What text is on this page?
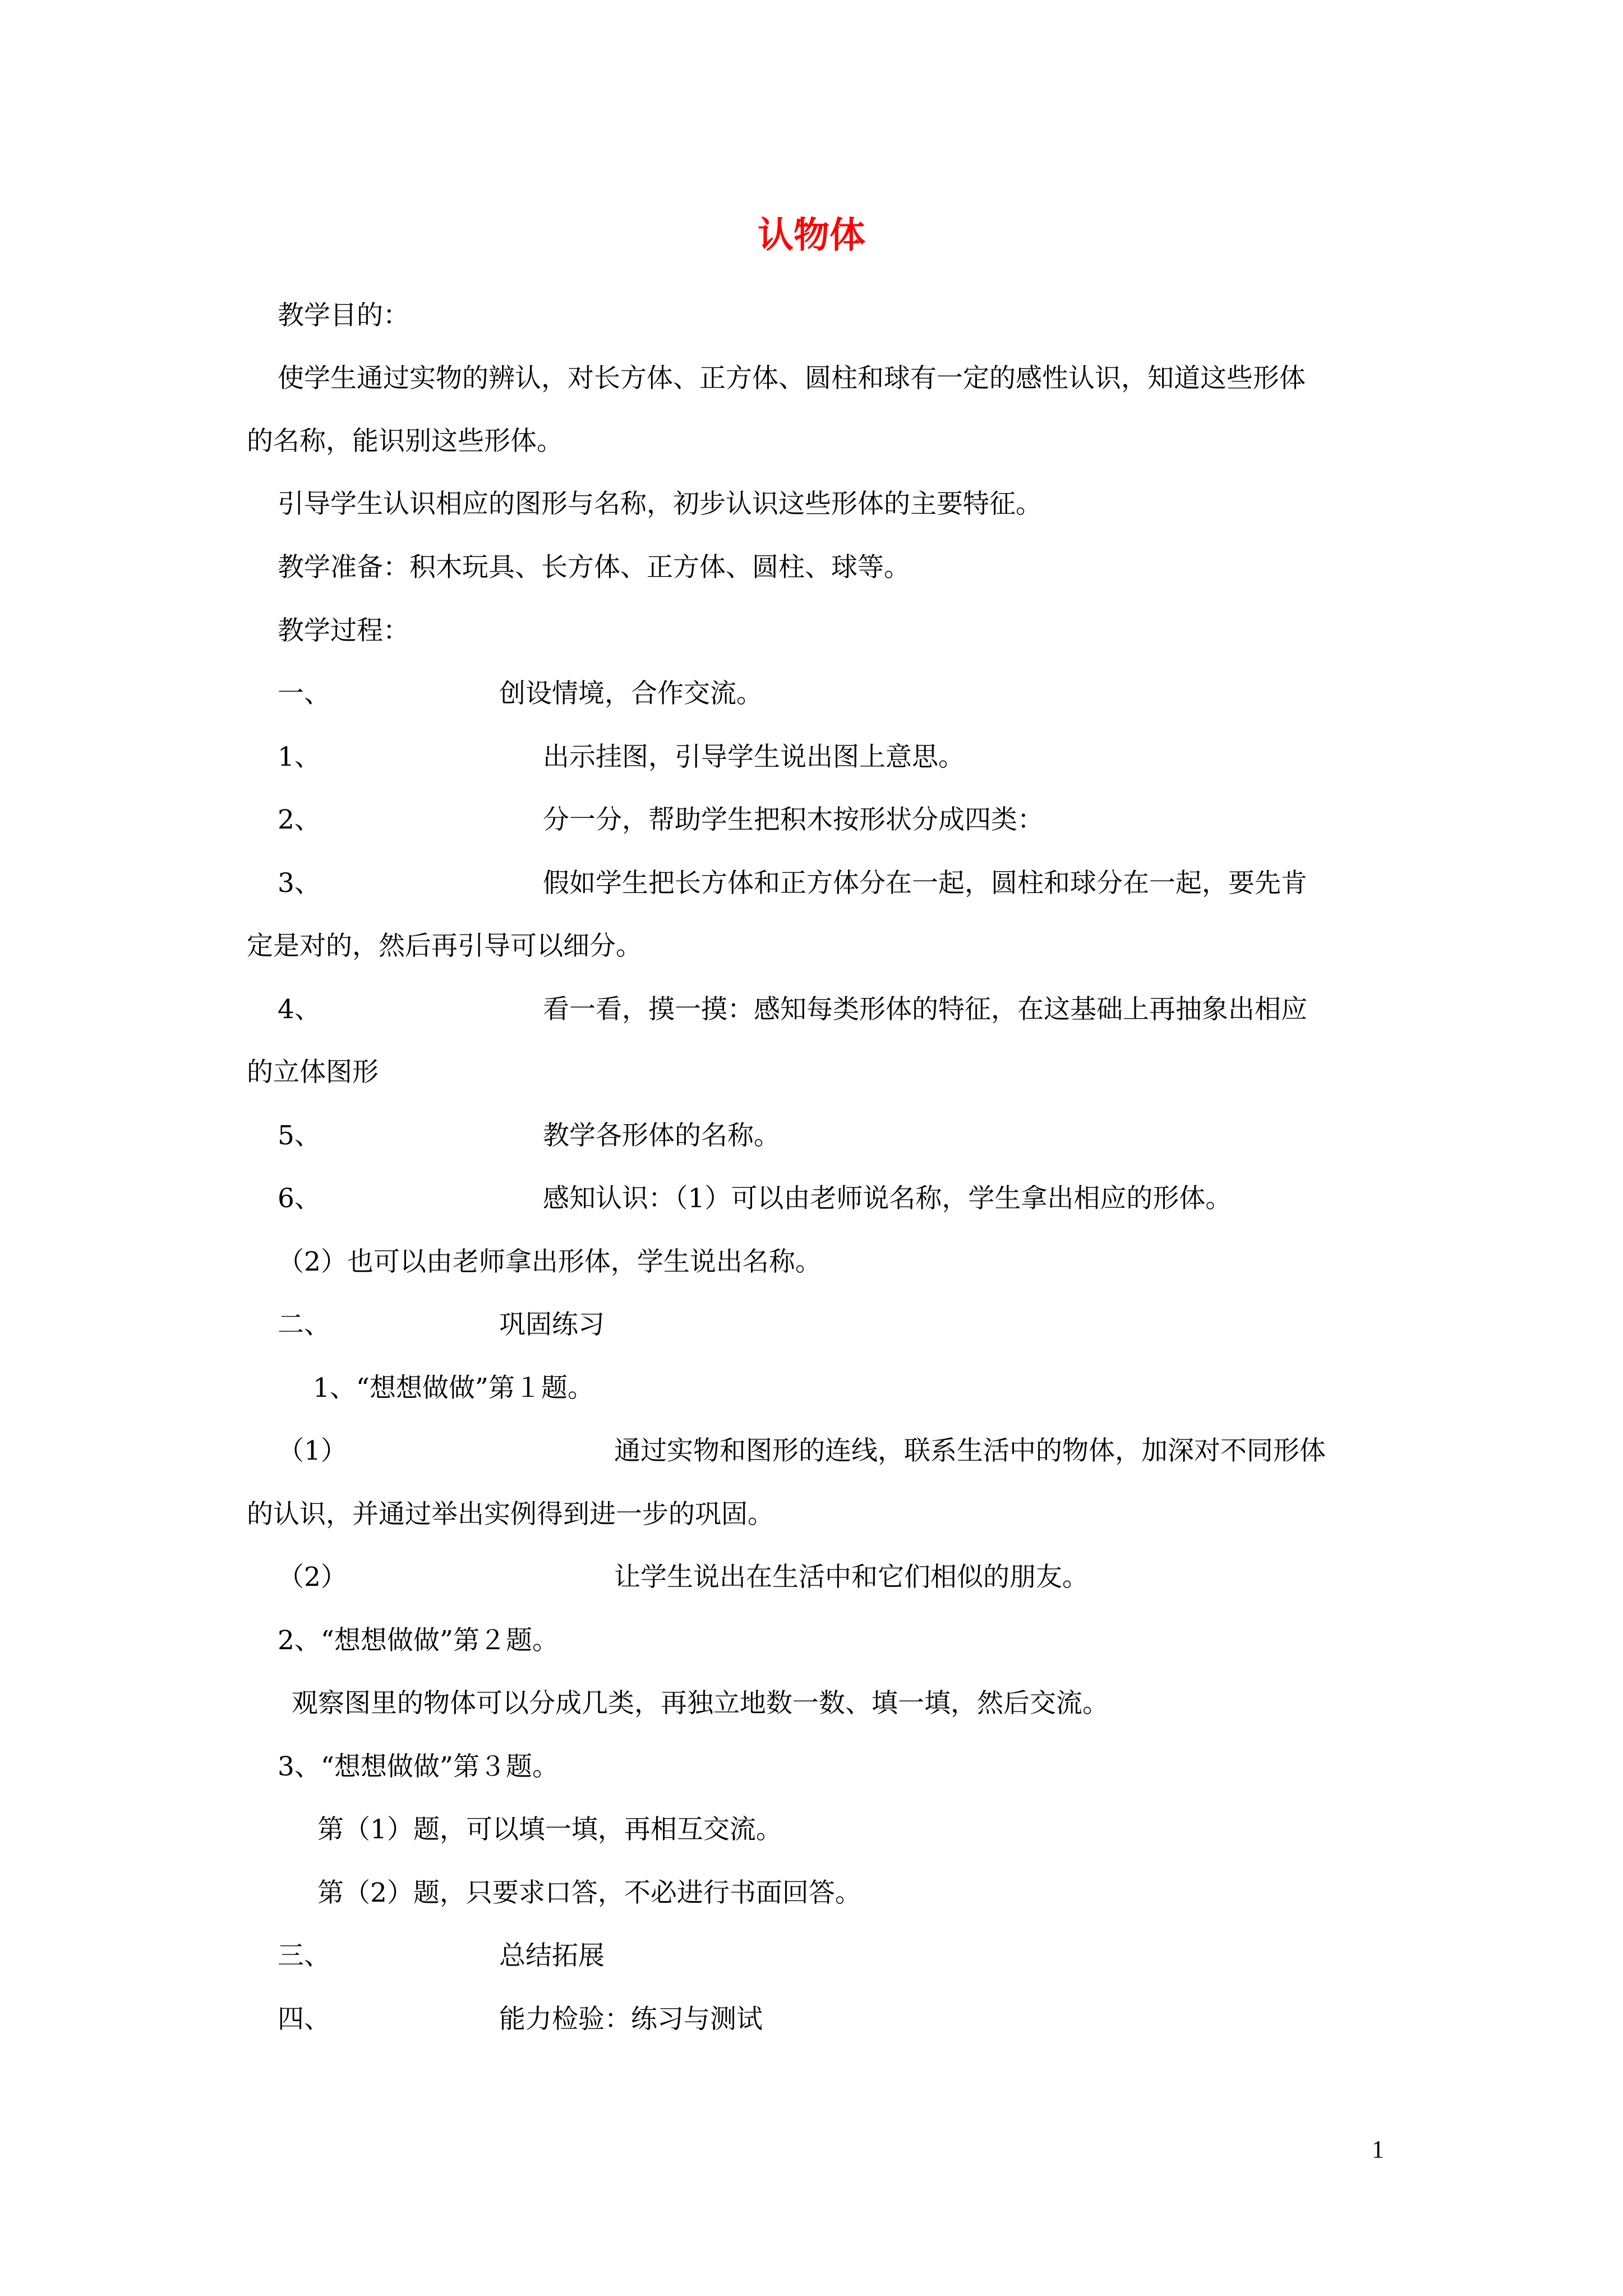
认物体
教学目的：
使学生通过实物的辨认，对长方体、正方体、圆柱和球有一定的感性认识，知道这些形体
的名称，能识别这些形体。
引导学生认识相应的图形与名称，初步认识这些形体的主要特征。
教学准备：积木玩具、长方体、正方体、圆柱、球等。
教学过程：
一、	创设情境，合作交流。
1、	出示挂图，引导学生说出图上意思。
2、	分一分，帮助学生把积木按形状分成四类：
3、	假如学生把长方体和正方体分在一起，圆柱和球分在一起，要先肯
定是对的，然后再引导可以细分。
4、	看一看，摸一摸：感知每类形体的特征，在这基础上再抽象出相应
的立体图形
5、	教学各形体的名称。
6、	感知认识：（1）可以由老师说名称，学生拿出相应的形体。
（2）也可以由老师拿出形体，学生说出名称。
二、	巩固练习
1、“想想做做”第１题。
（1）	通过实物和图形的连线，联系生活中的物体，加深对不同形体
的认识，并通过举出实例得到进一步的巩固。
（2）	让学生说出在生活中和它们相似的朋友。
2、“想想做做”第２题。
观察图里的物体可以分成几类，再独立地数一数、填一填，然后交流。
3、“想想做做”第３题。
第（1）题，可以填一填，再相互交流。
第（2）题，只要求口答，不必进行书面回答。
三、	总结拓展
四、	能力检验：练习与测试
1
